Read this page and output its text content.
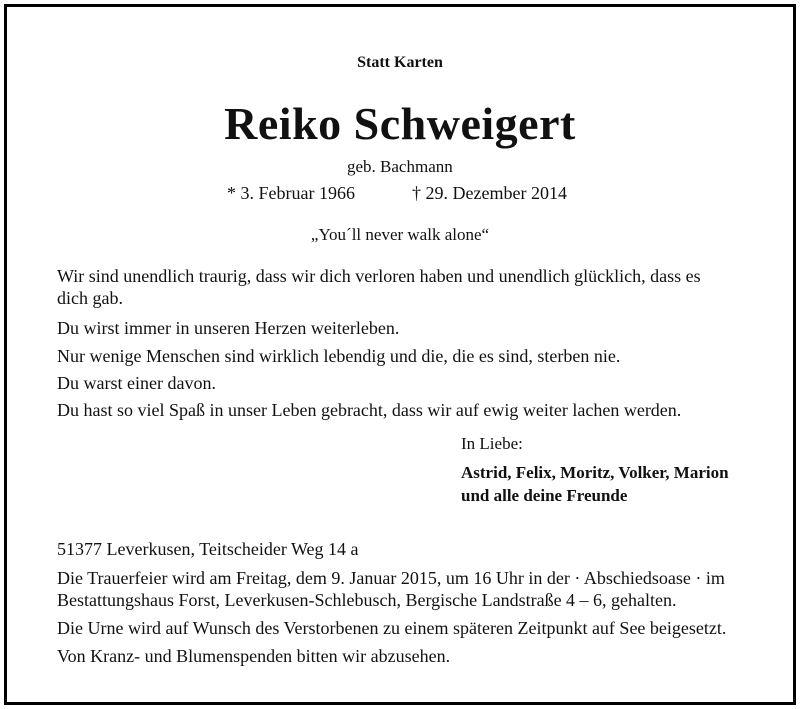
Statt Karten
Reiko Schweigert
geb. Bachmann
* 3. Februar 1966	† 29. Dezember 2014
„You´ll never walk alone“
Wir sind unendlich traurig, dass wir dich verloren haben und unendlich glücklich, dass es
dich gab.
Du wirst immer in unseren Herzen weiterleben.
Nur wenige Menschen sind wirklich lebendig und die, die es sind, sterben nie.
Du warst einer davon.
Du hast so viel Spaß in unser Leben gebracht, dass wir auf ewig weiter lachen werden.
In Liebe:
Astrid, Felix, Moritz, Volker, Marion
und alle deine Freunde
51377 Leverkusen, Teitscheider Weg 14 a
Die Trauerfeier wird am Freitag, dem 9. Januar 2015, um 16 Uhr in der · Abschiedsoase · im
Bestattungshaus Forst, Leverkusen-Schlebusch, Bergische Landstraße 4 – 6, gehalten.
Die Urne wird auf Wunsch des Verstorbenen zu einem späteren Zeitpunkt auf See beigesetzt.
Von Kranz- und Blumenspenden bitten wir abzusehen.
